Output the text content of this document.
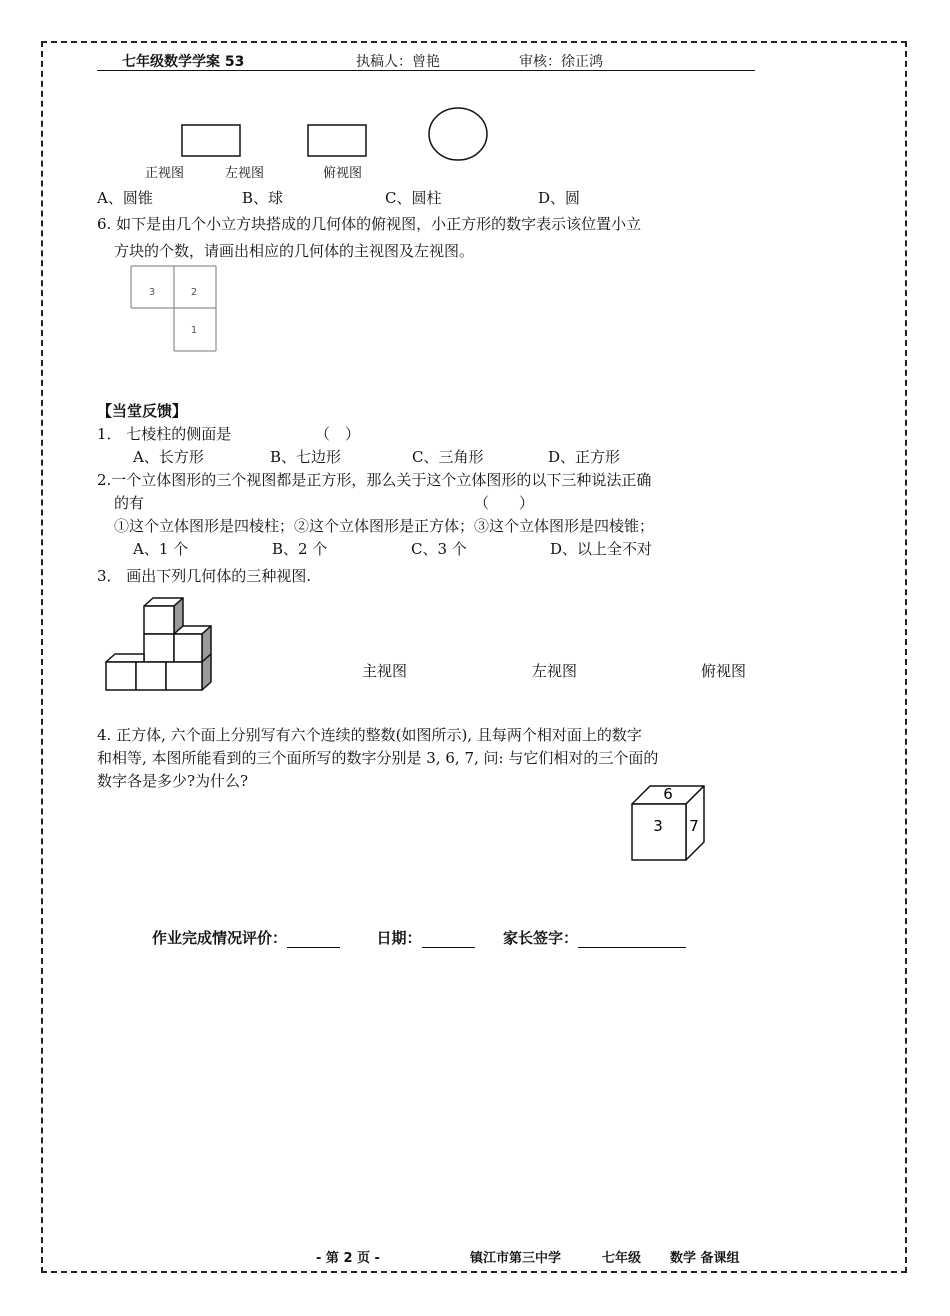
七年级数学学案 53	执稿人：曾艳	审核：徐正鸿
正视图	左视图	俯视图
A、圆锥	B、球	C、圆柱	D、圆
6. 如下是由几个小立方块搭成的几何体的俯视图，小正方形的数字表示该位置小立
方块的个数，请画出相应的几何体的主视图及左视图。
3	2
1
【当堂反馈】
1． 七棱柱的侧面是	（　）
A、长方形	B、七边形	C、三角形	D、正方形
2.一个立体图形的三个视图都是正方形，那么关于这个立体图形的以下三种说法正确
的有	（　　）
①这个立体图形是四棱柱；②这个立体图形是正方体；③这个立体图形是四棱锥；
A、1 个	B、2 个	C、3 个	D、以上全不对
3． 画出下列几何体的三种视图.
主视图	左视图	俯视图
4. 正方体, 六个面上分别写有六个连续的整数(如图所示), 且每两个相对面上的数字
和相等, 本图所能看到的三个面所写的数字分别是 3, 6, 7, 问: 与它们相对的三个面的
数字各是多少?为什么?
6
3 7
作业完成情况评价：	日期：	家长签字：
- 第 2 页 -	镇江市第三中学	七年级 数学 备课组
